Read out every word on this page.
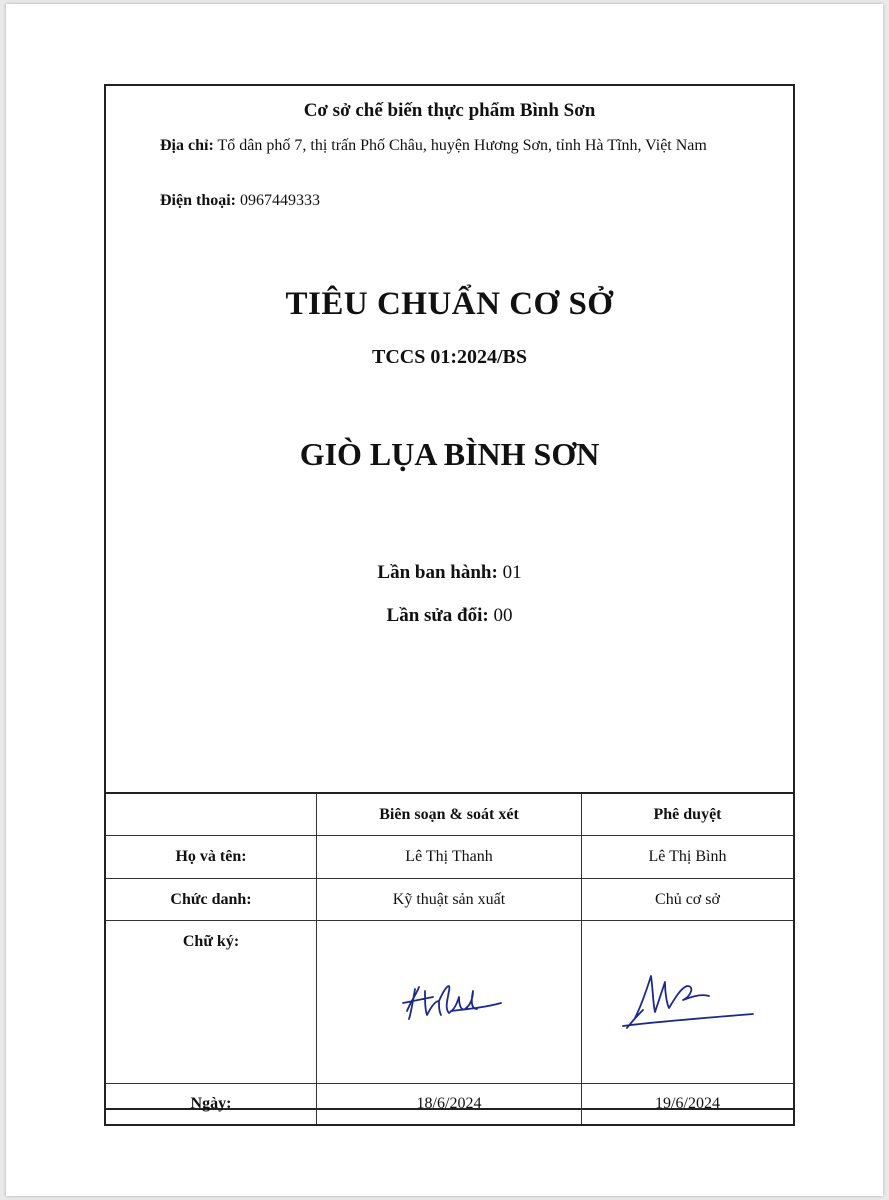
Cơ sở chế biến thực phẩm Bình Sơn
Địa chỉ: Tổ dân phố 7, thị trấn Phố Châu, huyện Hương Sơn, tỉnh Hà Tĩnh, Việt Nam
Điện thoại: 0967449333
TIÊU CHUẨN CƠ SỞ
TCCS 01:2024/BS
GIÒ LỤA BÌNH SƠN
Lần ban hành: 01
Lần sửa đổi: 00
	Biên soạn & soát xét	Phê duyệt
Họ và tên:	Lê Thị Thanh	Lê Thị Bình
Chức danh:	Kỹ thuật sản xuất	Chủ cơ sở
Chữ ký:	

Ngày:	18/6/2024	19/6/2024
